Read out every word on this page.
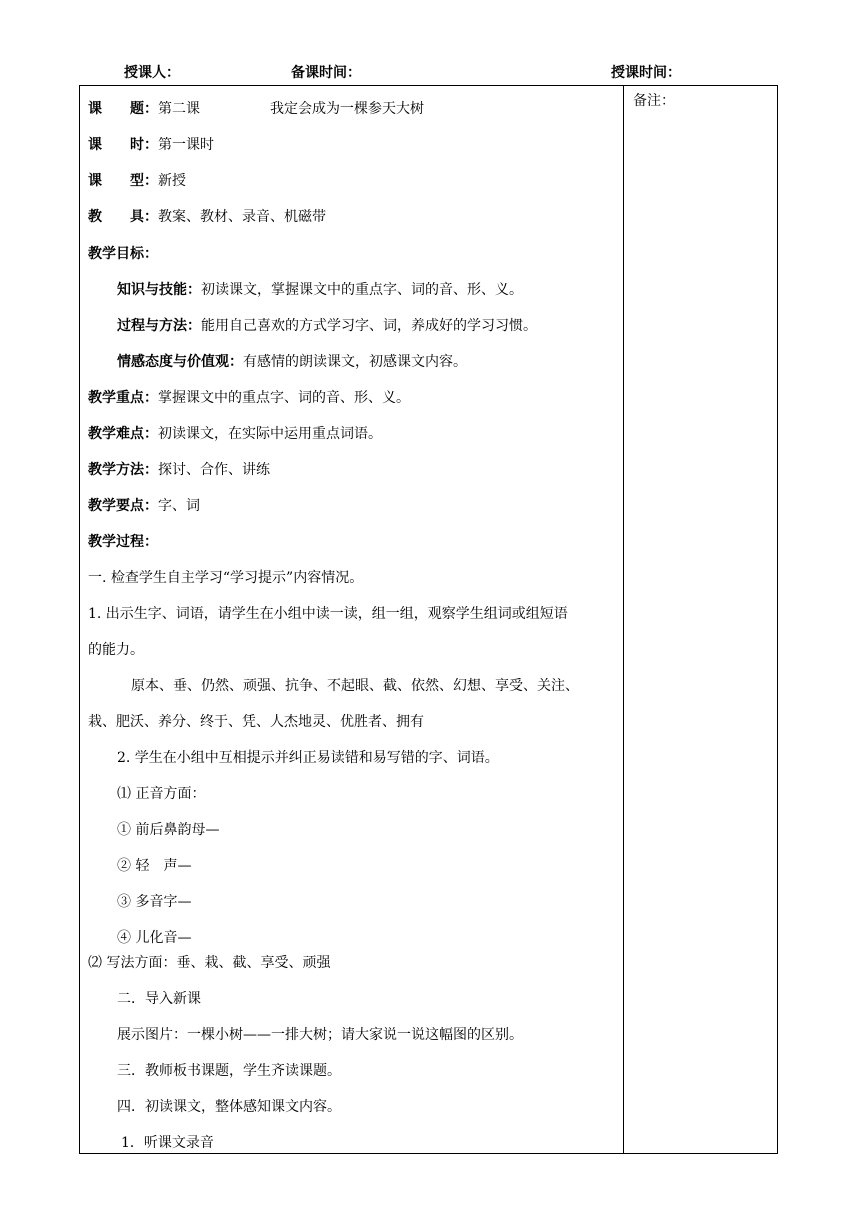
授课人：	备课时间：	授课时间：
备注：
课　　题：第二课　　　　　我定会成为一棵参天大树
课　　时：第一课时
课　　型：新授
教　　具：教案、教材、录音、机磁带
教学目标：
知识与技能：初读课文，掌握课文中的重点字、词的音、形、义。
过程与方法：能用自己喜欢的方式学习字、词，养成好的学习习惯。
情感态度与价值观：有感情的朗读课文，初感课文内容。
教学重点：掌握课文中的重点字、词的音、形、义。
教学难点：初读课文，在实际中运用重点词语。
教学方法：探讨、合作、讲练
教学要点：字、词
教学过程：
一. 检查学生自主学习“学习提示”内容情况。
1. 出示生字、词语，请学生在小组中读一读，组一组，观察学生组词或组短语
的能力。
原本、垂、仍然、顽强、抗争、不起眼、截、依然、幻想、享受、关注、
栽、肥沃、养分、终于、凭、人杰地灵、优胜者、拥有
2. 学生在小组中互相提示并纠正易读错和易写错的字、词语。
⑴ 正音方面：
① 前后鼻韵母—
② 轻　声—
③ 多音字—
④ 儿化音—
⑵ 写法方面：垂、栽、截、享受、顽强
二．导入新课
展示图片：一棵小树——一排大树；请大家说一说这幅图的区别。
三．教师板书课题，学生齐读课题。
四．初读课文，整体感知课文内容。
1．听课文录音
